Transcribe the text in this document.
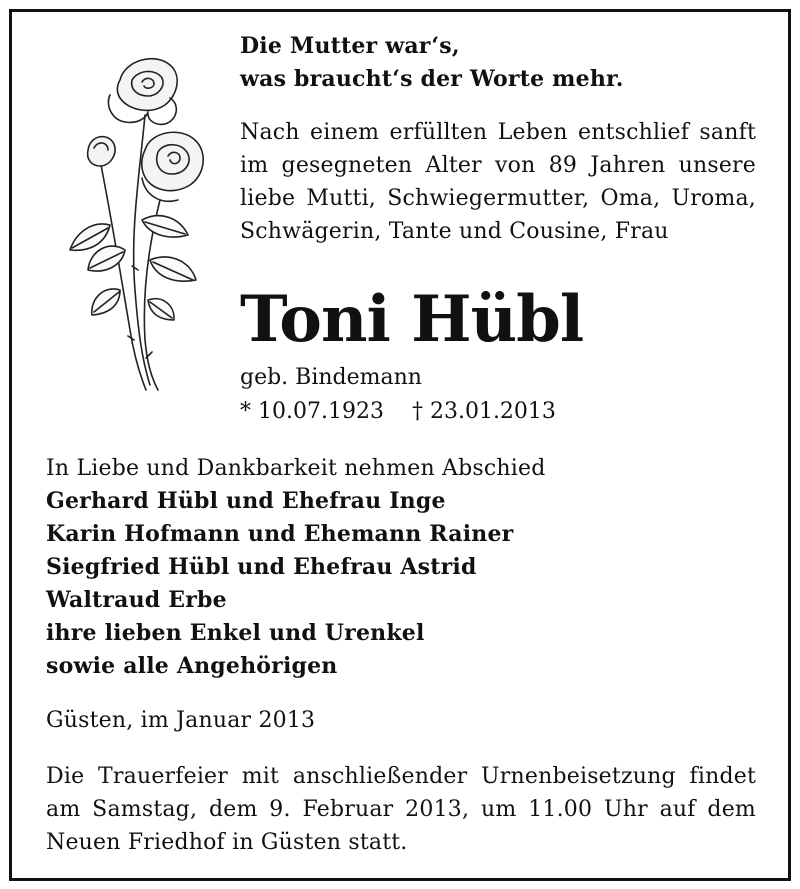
Die Mutter war‘s,
was braucht‘s der Worte mehr.
Nach einem erfüllten Leben entschlief sanft im gesegneten Alter von 89 Jahren unsere liebe Mutti, Schwiegermutter, Oma, Uroma, Schwägerin, Tante und Cousine, Frau
Toni Hübl
geb. Bindemann
* 10.07.1923 † 23.01.2013
In Liebe und Dankbarkeit nehmen Abschied
Gerhard Hübl und Ehefrau Inge
Karin Hofmann und Ehemann Rainer
Siegfried Hübl und Ehefrau Astrid
Waltraud Erbe
ihre lieben Enkel und Urenkel
sowie alle Angehörigen
Güsten, im Januar 2013
Die Trauerfeier mit anschließender Urnenbeisetzung findet am Samstag, dem 9. Februar 2013, um 11.00 Uhr auf dem Neuen Friedhof in Güsten statt.
